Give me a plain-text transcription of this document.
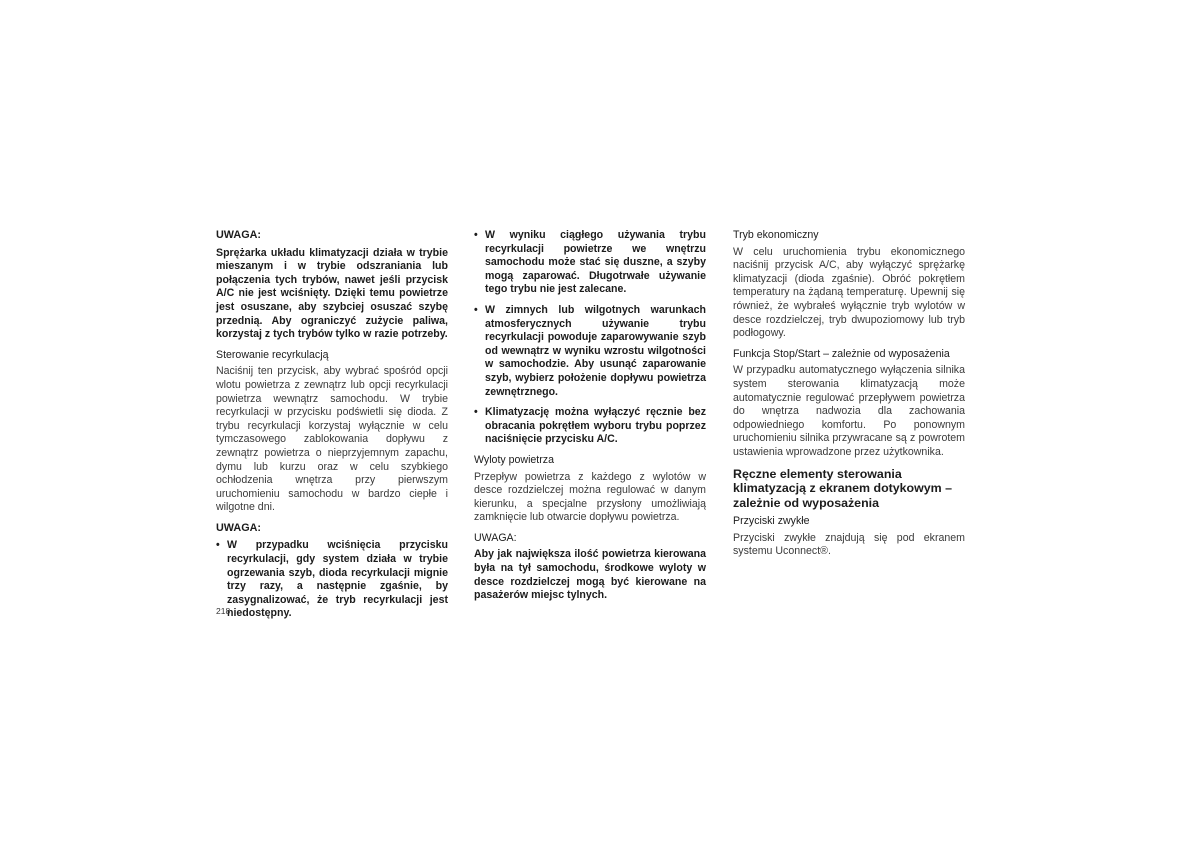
UWAGA:
Sprężarka układu klimatyzacji działa w trybie mieszanym i w trybie odszraniania lub połączenia tych trybów, nawet jeśli przycisk A/C nie jest wciśnięty. Dzięki temu powietrze jest osuszane, aby szybciej osuszać szybę przednią. Aby ograniczyć zużycie paliwa, korzystaj z tych trybów tylko w razie potrzeby.
Sterowanie recyrkulacją
Naciśnij ten przycisk, aby wybrać spośród opcji wlotu powietrza z zewnątrz lub opcji recyrkulacji powietrza wewnątrz samochodu. W trybie recyrkulacji w przycisku podświetli się dioda. Z trybu recyrkulacji korzystaj wyłącznie w celu tymczasowego zablokowania dopływu z zewnątrz powietrza o nieprzyjemnym zapachu, dymu lub kurzu oraz w celu szybkiego ochłodzenia wnętrza przy pierwszym uruchomieniu samochodu w bardzo ciepłe i wilgotne dni.
UWAGA:
• W przypadku wciśnięcia przycisku recyrkulacji, gdy system działa w trybie ogrzewania szyb, dioda recyrkulacji mignie trzy razy, a następnie zgaśnie, by zasygnalizować, że tryb recyrkulacji jest niedostępny.
• W wyniku ciągłego używania trybu recyrkulacji powietrze we wnętrzu samochodu może stać się duszne, a szyby mogą zaparować. Długotrwałe używanie tego trybu nie jest zalecane.
• W zimnych lub wilgotnych warunkach atmosferycznych używanie trybu recyrkulacji powoduje zaparowywanie szyb od wewnątrz w wyniku wzrostu wilgotności w samochodzie. Aby usunąć zaparowanie szyb, wybierz położenie dopływu powietrza zewnętrznego.
• Klimatyzację można wyłączyć ręcznie bez obracania pokrętłem wyboru trybu poprzez naciśnięcie przycisku A/C.
Wyloty powietrza
Przepływ powietrza z każdego z wylotów w desce rozdzielczej można regulować w danym kierunku, a specjalne przysłony umożliwiają zamknięcie lub otwarcie dopływu powietrza.
UWAGA:
Aby jak największa ilość powietrza kierowana była na tył samochodu, środkowe wyloty w desce rozdzielczej mogą być kierowane na pasażerów miejsc tylnych.
Tryb ekonomiczny
W celu uruchomienia trybu ekonomicznego naciśnij przycisk A/C, aby wyłączyć sprężarkę klimatyzacji (dioda zgaśnie). Obróć pokrętłem temperatury na żądaną temperaturę. Upewnij się również, że wybrałeś wyłącznie tryb wylotów w desce rozdzielczej, tryb dwupoziomowy lub tryb podłogowy.
Funkcja Stop/Start – zależnie od wyposażenia
W przypadku automatycznego wyłączenia silnika system sterowania klimatyzacją może automatycznie regulować przepływem powietrza do wnętrza nadwozia dla zachowania odpowiedniego komfortu. Po ponownym uruchomieniu silnika przywracane są z powrotem ustawienia wprowadzone przez użytkownika.
Ręczne elementy sterowania klimatyzacją z ekranem dotykowym – zależnie od wyposażenia
Przyciski zwykłe
Przyciski zwykłe znajdują się pod ekranem systemu Uconnect®.
218
